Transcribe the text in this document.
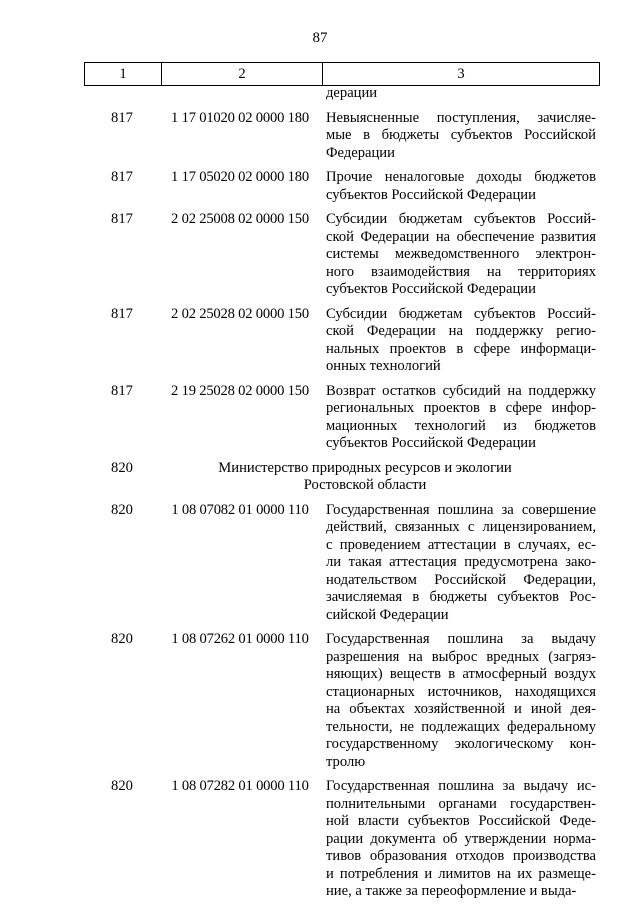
87
1	2	3
дерации
817	1 17 01020 02 0000 180	Невыясненные поступления, зачисляе-
мые в бюджеты субъектов Российской
Федерации
817	1 17 05020 02 0000 180	Прочие неналоговые доходы бюджетов
субъектов Российской Федерации
817	2 02 25008 02 0000 150	Субсидии бюджетам субъектов Россий-
ской Федерации на обеспечение развития
системы межведомственного электрон-
ного взаимодействия на территориях
субъектов Российской Федерации
817	2 02 25028 02 0000 150	Субсидии бюджетам субъектов Россий-
ской Федерации на поддержку регио-
нальных проектов в сфере информаци-
онных технологий
817	2 19 25028 02 0000 150	Возврат остатков субсидий на поддержку
региональных проектов в сфере инфор-
мационных технологий из бюджетов
субъектов Российской Федерации
820	Министерство природных ресурсов и экологии
Ростовской области
820	1 08 07082 01 0000 110	Государственная пошлина за совершение
действий, связанных с лицензированием,
с проведением аттестации в случаях, ес-
ли такая аттестация предусмотрена зако-
нодательством Российской Федерации,
зачисляемая в бюджеты субъектов Рос-
сийской Федерации
820	1 08 07262 01 0000 110	Государственная пошлина за выдачу
разрешения на выброс вредных (загряз-
няющих) веществ в атмосферный воздух
стационарных источников, находящихся
на объектах хозяйственной и иной дея-
тельности, не подлежащих федеральному
государственному экологическому кон-
тролю
820	1 08 07282 01 0000 110	Государственная пошлина за выдачу ис-
полнительными органами государствен-
ной власти субъектов Российской Феде-
рации документа об утверждении норма-
тивов образования отходов производства
и потребления и лимитов на их размеще-
ние, а также за переоформление и выда-
